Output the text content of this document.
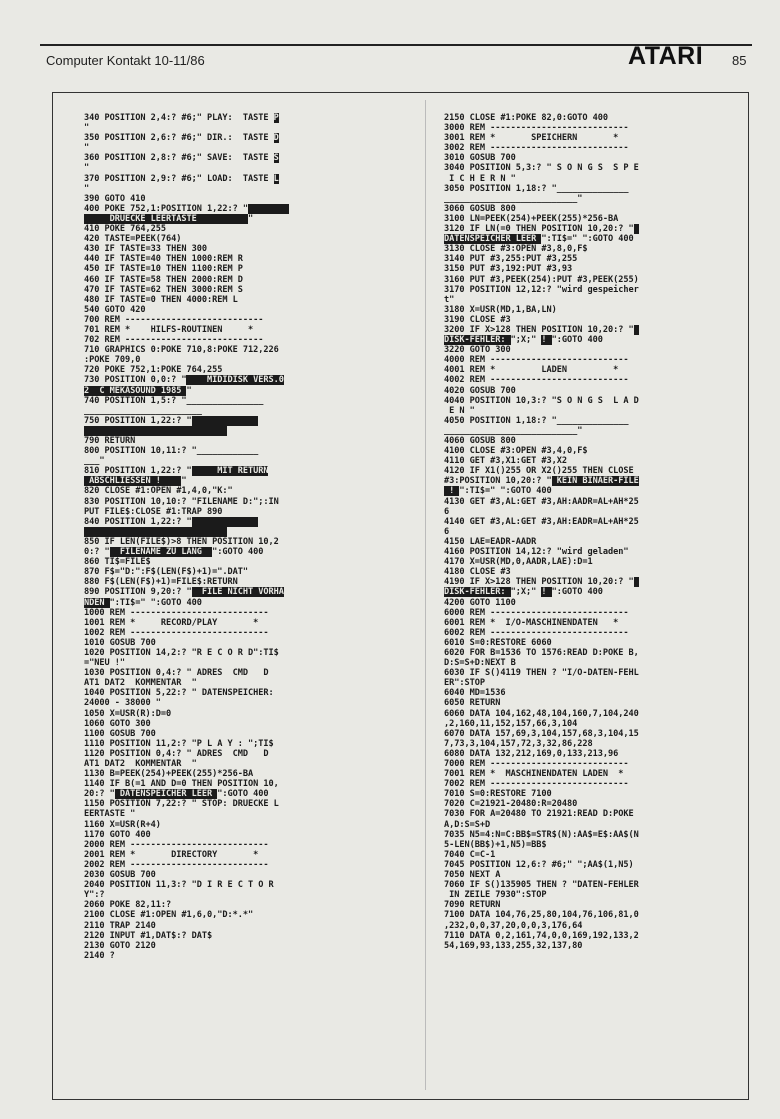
Computer Kontakt 10-11/86	ATARI 85
340 POSITION 2,4:? #6;" PLAY:  TASTE P
"
350 POSITION 2,6:? #6;" DIR.:  TASTE D
"
360 POSITION 2,8:? #6;" SAVE:  TASTE S
"
370 POSITION 2,9:? #6;" LOAD:  TASTE L
"
390 GOTO 410
400 POKE 752,1:POSITION 1,22:? "
DRUECKE LEERTASTE          "
410 POKE 764,255
420 TASTE=PEEK(764)
430 IF TASTE=33 THEN 300
440 IF TASTE=40 THEN 1000:REM R
450 IF TASTE=10 THEN 1100:REM P
460 IF TASTE=58 THEN 2000:REM D
470 IF TASTE=62 THEN 3000:REM S
480 IF TASTE=0 THEN 4000:REM L
540 GOTO 420
700 REM ---------------------------
701 REM *    HILFS-ROUTINEN     *
702 REM ---------------------------
710 GRAPHICS 0:POKE 710,8:POKE 712,226
:POKE 709,0
720 POKE 752,1:POKE 764,255
730 POSITION 0,0:? "    MIDIDISK VERS.0
2  C MEKASOUND 1985 "
740 POSITION 1,5:? "_______________
_______________________
750 POSITION 1,22:? "

790 RETURN
800 POSITION 10,11:? "____________
___"
810 POSITION 1,22:? "     MIT RETURN
ABSCHLIESSEN !    "
820 CLOSE #1:OPEN #1,4,0,"K:"
830 POSITION 10,10:? "FILENAME D:";:IN
PUT FILE$:CLOSE #1:TRAP 890
840 POSITION 1,22:? "

850 IF LEN(FILE$)>8 THEN POSITION 10,2
0:? "  FILENAME ZU LANG  ":GOTO 400
860 TI$=FILE$
870 F$="D:":F$(LEN(F$)+1)=".DAT"
880 F$(LEN(F$)+1)=FILE$:RETURN
890 POSITION 9,20:? "  FILE NICHT VORHA
NDEN ":TI$=" ":GOTO 400
1000 REM ---------------------------
1001 REM *     RECORD/PLAY       *
1002 REM ---------------------------
1010 GOSUB 700
1020 POSITION 14,2:? "R E C O R D":TI$
="NEU !"
1030 POSITION 0,4:? " ADRES  CMD   D
AT1 DAT2  KOMMENTAR  "
1040 POSITION 5,22:? " DATENSPEICHER:
24000 - 38000 "
1050 X=USR(R):D=0
1060 GOTO 300
1100 GOSUB 700
1110 POSITION 11,2:? "P L A Y : ";TI$
1120 POSITION 0,4:? " ADRES  CMD   D
AT1 DAT2  KOMMENTAR  "
1130 B=PEEK(254)+PEEK(255)*256-BA
1140 IF B(=1 AND D=0 THEN POSITION 10,
20:? " DATENSPEICHER LEER ":GOTO 400
1150 POSITION 7,22:? " STOP: DRUECKE L
EERTASTE "
1160 X=USR(R+4)
1170 GOTO 400
2000 REM ---------------------------
2001 REM *       DIRECTORY       *
2002 REM ---------------------------
2030 GOSUB 700
2040 POSITION 11,3:? "D I R E C T O R
Y":?
2060 POKE 82,11:?
2100 CLOSE #1:OPEN #1,6,0,"D:*.*"
2110 TRAP 2140
2120 INPUT #1,DAT$:? DAT$
2130 GOTO 2120
2140 ?
2150 CLOSE #1:POKE 82,0:GOTO 400
3000 REM ---------------------------
3001 REM *       SPEICHERN       *
3002 REM ---------------------------
3010 GOSUB 700
3040 POSITION 5,3:? " S O N G S  S P E
I C H E R N "
3050 POSITION 1,18:? "______________
__________________________"
3060 GOSUB 800
3100 LN=PEEK(254)+PEEK(255)*256-BA
3120 IF LN(=0 THEN POSITION 10,20:? "
DATENSPEICHER LEER ":TI$=" ":GOTO 400
3130 CLOSE #3:OPEN #3,8,0,F$
3140 PUT #3,255:PUT #3,255
3150 PUT #3,192:PUT #3,93
3160 PUT #3,PEEK(254):PUT #3,PEEK(255)
3170 POSITION 12,12:? "wird gespeicher
t"
3180 X=USR(MD,1,BA,LN)
3190 CLOSE #3
3200 IF X>128 THEN POSITION 10,20:? "
DISK-FEHLER: ";X;" ! ":GOTO 400
3220 GOTO 300
4000 REM ---------------------------
4001 REM *         LADEN         *
4002 REM ---------------------------
4020 GOSUB 700
4040 POSITION 10,3:? "S O N G S  L A D
E N "
4050 POSITION 1,18:? "______________
__________________________"
4060 GOSUB 800
4100 CLOSE #3:OPEN #3,4,0,F$
4110 GET #3,X1:GET #3,X2
4120 IF X1()255 OR X2()255 THEN CLOSE
#3:POSITION 10,20:? " KEIN BINAER-FILE
! ":TI$=" ":GOTO 400
4130 GET #3,AL:GET #3,AH:AADR=AL+AH*25
6
4140 GET #3,AL:GET #3,AH:EADR=AL+AH*25
6
4150 LAE=EADR-AADR
4160 POSITION 14,12:? "wird geladen"
4170 X=USR(MD,0,AADR,LAE):D=1
4180 CLOSE #3
4190 IF X>128 THEN POSITION 10,20:? "
DISK-FEHLER: ";X;" ! ":GOTO 400
4200 GOTO 1100
6000 REM ---------------------------
6001 REM *  I/O-MASCHINENDATEN   *
6002 REM ---------------------------
6010 S=0:RESTORE 6060
6020 FOR B=1536 TO 1576:READ D:POKE B,
D:S=S+D:NEXT B
6030 IF S()4119 THEN ? "I/O-DATEN-FEHL
ER":STOP
6040 MD=1536
6050 RETURN
6060 DATA 104,162,48,104,160,7,104,240
,2,160,11,152,157,66,3,104
6070 DATA 157,69,3,104,157,68,3,104,15
7,73,3,104,157,72,3,32,86,228
6080 DATA 132,212,169,0,133,213,96
7000 REM ---------------------------
7001 REM *  MASCHINENDATEN LADEN  *
7002 REM ---------------------------
7010 S=0:RESTORE 7100
7020 C=21921-20480:R=20480
7030 FOR A=20480 TO 21921:READ D:POKE
A,D:S=S+D
7035 N5=4:N=C:BB$=STR$(N):AA$=E$:AA$(N
5-LEN(BB$)+1,N5)=BB$
7040 C=C-1
7045 POSITION 12,6:? #6;" ";AA$(1,N5)
7050 NEXT A
7060 IF S()135905 THEN ? "DATEN-FEHLER
IN ZEILE 7930":STOP
7090 RETURN
7100 DATA 104,76,25,80,104,76,106,81,0
,232,0,0,37,20,0,0,3,176,64
7110 DATA 0,2,161,74,0,0,169,192,133,2
54,169,93,133,255,32,137,80
